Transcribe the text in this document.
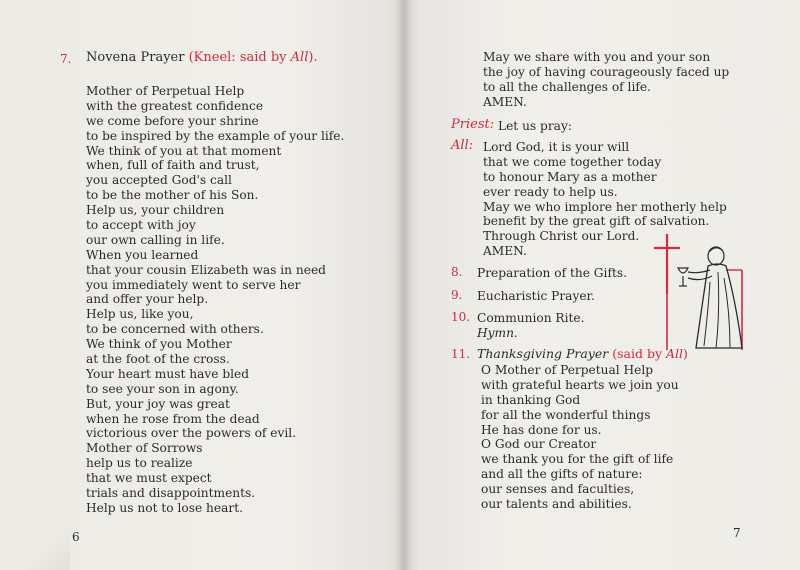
7. Novena Prayer (Kneel: said by All).
Mother of Perpetual Help
with the greatest confidence
we come before your shrine
to be inspired by the example of your life.
We think of you at that moment
when, full of faith and trust,
you accepted God's call
to be the mother of his Son.
Help us, your children
to accept with joy
our own calling in life.
When you learned
that your cousin Elizabeth was in need
you immediately went to serve her
and offer your help.
Help us, like you,
to be concerned with others.
We think of you Mother
at the foot of the cross.
Your heart must have bled
to see your son in agony.
But, your joy was great
when he rose from the dead
victorious over the powers of evil.
Mother of Sorrows
help us to realize
that we must expect
trials and disappointments.
Help us not to lose heart.
6
May we share with you and your son
the joy of having courageously faced up
to all the challenges of life.
AMEN.
Priest: Let us pray:
All: Lord God, it is your will
that we come together today
to honour Mary as a mother
ever ready to help us.
May we who implore her motherly help
benefit by the great gift of salvation.
Through Christ our Lord.
AMEN.
8. Preparation of the Gifts.
9. Eucharistic Prayer.
10. Communion Rite.
Hymn.
11. Thanksgiving Prayer (said by All)
O Mother of Perpetual Help
with grateful hearts we join you
in thanking God
for all the wonderful things
He has done for us.
O God our Creator
we thank you for the gift of life
and all the gifts of nature:
our senses and faculties,
our talents and abilities.
7
